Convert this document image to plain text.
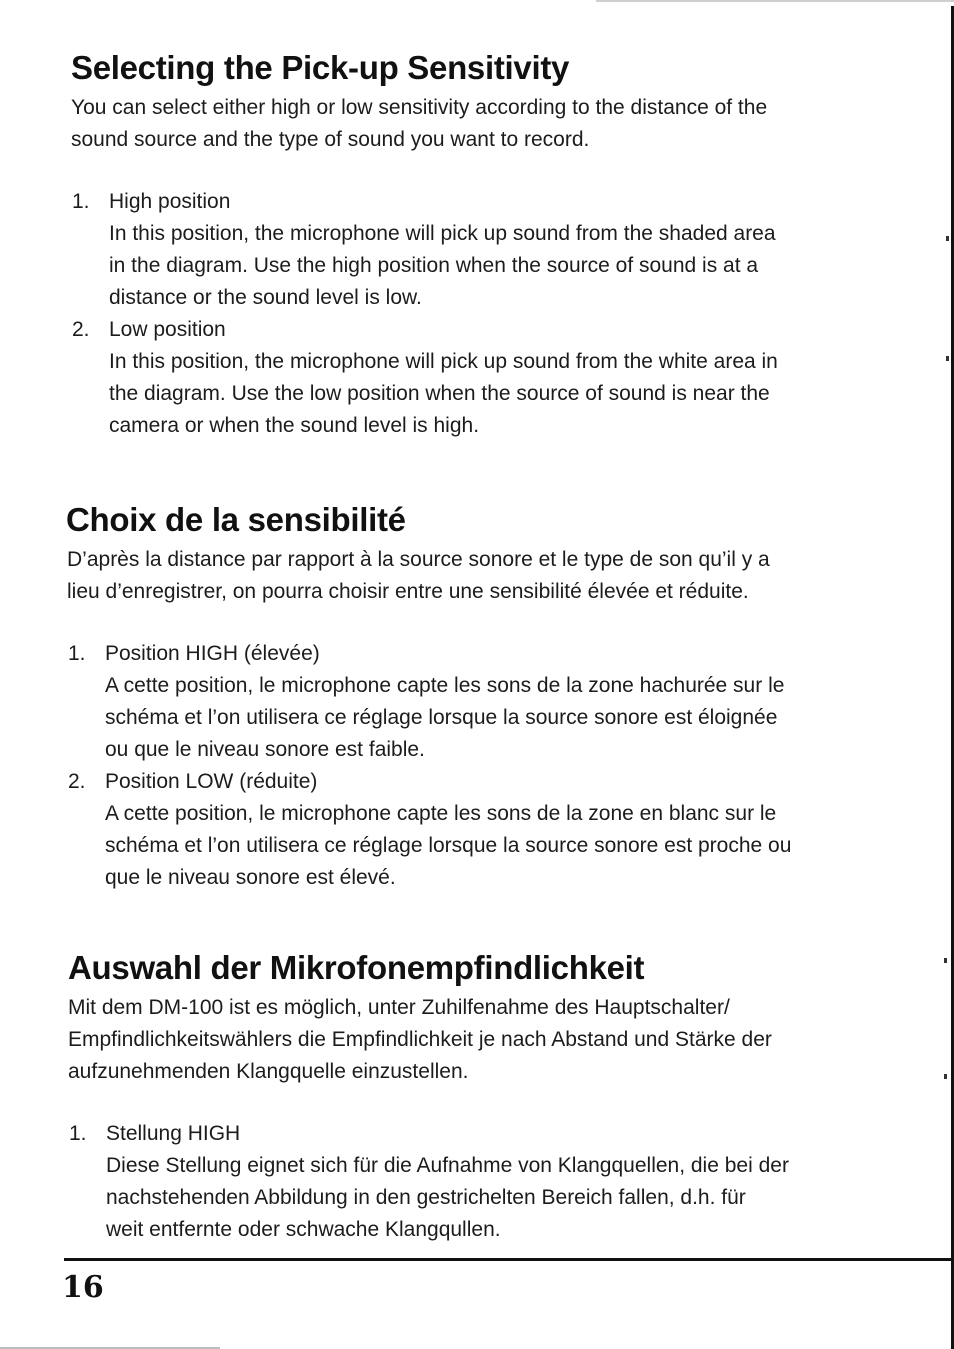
Selecting the Pick-up Sensitivity

You can select either high or low sensitivity according to the distance of the

sound source and the type of sound you want to record.

1. High position

In this position, the microphone will pick up sound from the shaded area

in the diagram. Use the high position when the source of sound is at a

distance or the sound level is low.

2. Low position

In this position, the microphone will pick up sound from the white area in

the diagram. Use the low position when the source of sound is near the

camera or when the sound level is high.

Choix de la sensibilité

D’après la distance par rapport à la source sonore et le type de son qu’il y a

lieu d’enregistrer, on pourra choisir entre une sensibilité élevée et réduite.

1. Position HIGH (élevée)

A cette position, le microphone capte les sons de la zone hachurée sur le

schéma et l’on utilisera ce réglage lorsque la source sonore est éloignée

ou que le niveau sonore est faible.

2. Position LOW (réduite)

A cette position, le microphone capte les sons de la zone en blanc sur le

schéma et l’on utilisera ce réglage lorsque la source sonore est proche ou

que le niveau sonore est élevé.

Auswahl der Mikrofonempfindlichkeit

Mit dem DM-100 ist es möglich, unter Zuhilfenahme des Hauptschalter/

Empfindlichkeitswählers die Empfindlichkeit je nach Abstand und Stärke der

aufzunehmenden Klangquelle einzustellen.

1. Stellung HIGH

Diese Stellung eignet sich für die Aufnahme von Klangquellen, die bei der

nachstehenden Abbildung in den gestrichelten Bereich fallen, d.h. für

weit entfernte oder schwache Klangqullen.

16
